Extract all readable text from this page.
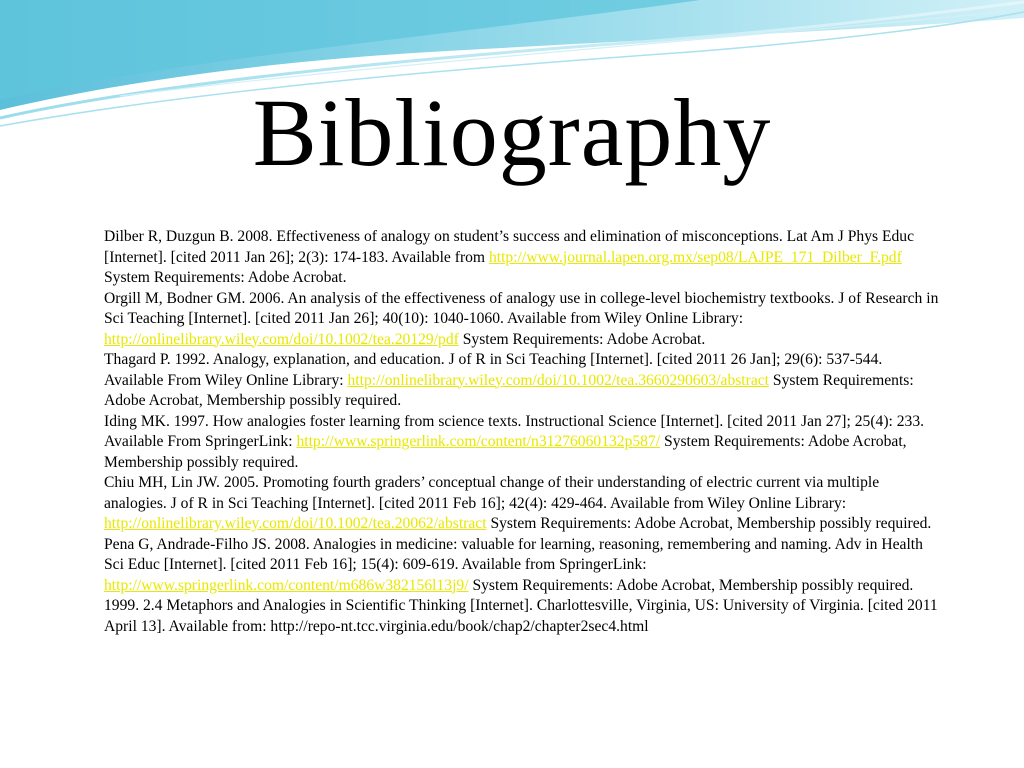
Bibliography

Dilber R, Duzgun B. 2008. Effectiveness of analogy on student’s success and elimination of misconceptions. Lat Am J Phys Educ [Internet]. [cited 2011 Jan 26]; 2(3): 174-183. Available from http://www.journal.lapen.org.mx/sep08/LAJPE_171_Dilber_F.pdf System Requirements: Adobe Acrobat.

Orgill M, Bodner GM. 2006. An analysis of the effectiveness of analogy use in college-level biochemistry textbooks. J of Research in Sci Teaching [Internet]. [cited 2011 Jan 26]; 40(10): 1040-1060. Available from Wiley Online Library: http://onlinelibrary.wiley.com/doi/10.1002/tea.20129/pdf System Requirements: Adobe Acrobat.

Thagard P. 1992. Analogy, explanation, and education. J of R in Sci Teaching [Internet]. [cited 2011 26 Jan]; 29(6): 537-544. Available From Wiley Online Library: http://onlinelibrary.wiley.com/doi/10.1002/tea.3660290603/abstract System Requirements: Adobe Acrobat, Membership possibly required.

Iding MK. 1997. How analogies foster learning from science texts. Instructional Science [Internet]. [cited 2011 Jan 27]; 25(4): 233. Available From SpringerLink: http://www.springerlink.com/content/n31276060132p587/ System Requirements: Adobe Acrobat, Membership possibly required.

Chiu MH, Lin JW. 2005. Promoting fourth graders’ conceptual change of their understanding of electric current via multiple analogies. J of R in Sci Teaching [Internet]. [cited 2011 Feb 16]; 42(4): 429-464. Available from Wiley Online Library: http://onlinelibrary.wiley.com/doi/10.1002/tea.20062/abstract System Requirements: Adobe Acrobat, Membership possibly required.

Pena G, Andrade-Filho JS. 2008. Analogies in medicine: valuable for learning, reasoning, remembering and naming. Adv in Health Sci Educ [Internet]. [cited 2011 Feb 16]; 15(4): 609-619. Available from SpringerLink: http://www.springerlink.com/content/m686w382156l13j9/ System Requirements: Adobe Acrobat, Membership possibly required.

1999. 2.4 Metaphors and Analogies in Scientific Thinking [Internet]. Charlottesville, Virginia, US: University of Virginia. [cited 2011 April 13]. Available from: http://repo-nt.tcc.virginia.edu/book/chap2/chapter2sec4.html
